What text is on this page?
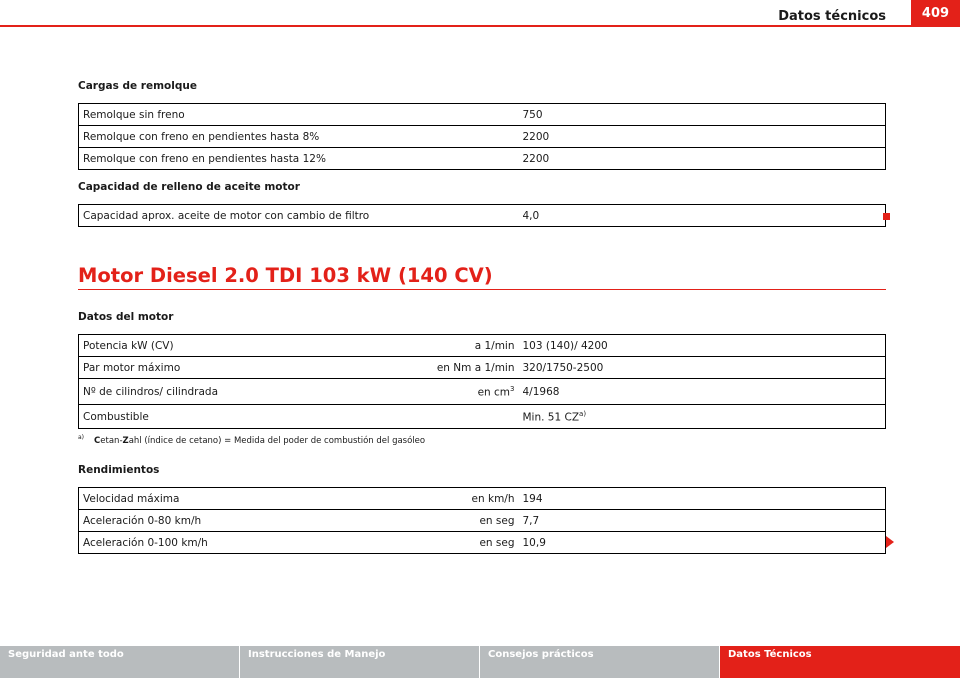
Datos técnicos	409
Cargas de remolque
Remolque sin freno	750
Remolque con freno en pendientes hasta 8%	2200
Remolque con freno en pendientes hasta 12%	2200
Capacidad de relleno de aceite motor
Capacidad aprox. aceite de motor con cambio de filtro	4,0
Motor Diesel 2.0 TDI 103 kW (140 CV)
Datos del motor
Potencia kW (CV) a 1/min	103 (140)/ 4200

Par motor máximo en Nm a 1/min	320/1750-2500

Nº de cilindros/ cilindrada en $cm^3$	4/1968
Combustible	Min. 51 CZ$^{a)}$
$^{a)}$ Cetan-Zahl (índice de cetano) = Medida del poder de combustión del gasóleo
Rendimientos
Velocidad máxima en km/h	194

Aceleración 0-80 km/h en seg	7,7

Aceleración 0-100 km/h en seg	10,9
Seguridad ante todo	Instrucciones de Manejo	Consejos prácticos	Datos Técnicos
